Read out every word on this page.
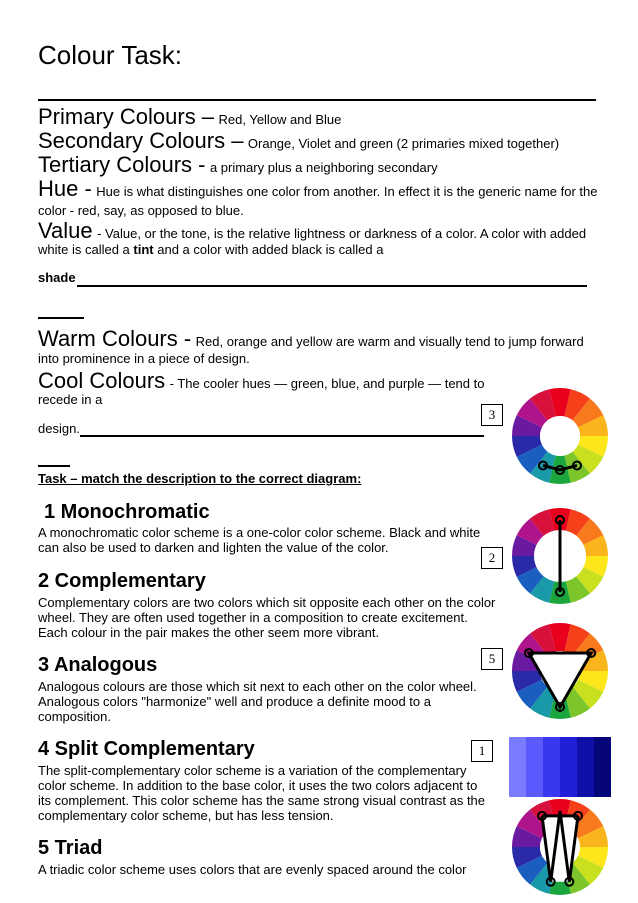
Colour Task:
Primary Colours – Red, Yellow and Blue
Secondary Colours – Orange, Violet and green (2 primaries mixed together)
Tertiary Colours - a primary plus a neighboring secondary
Hue - Hue is what distinguishes one color from another. In effect it is the generic name for the
color - red, say, as opposed to blue.
Value - Value, or the tone, is the relative lightness or darkness of a color. A color with added
white is called a tint and a color with added black is called a
shade
Warm Colours - Red, orange and yellow are warm and visually tend to jump forward
into prominence in a piece of design.
Cool Colours - The cooler hues — green, blue, and purple — tend to
recede in a
design.
Task – match the description to the correct diagram:
1 Monochromatic
A monochromatic color scheme is a one-color color scheme. Black and white can also be used to darken and lighten the value of the color.
2 Complementary
Complementary colors are two colors which sit opposite each other on the color wheel. They are often used together in a composition to create excitement. Each colour in the pair makes the other seem more vibrant.
3 Analogous
Analogous colours are those which sit next to each other on the color wheel. Analogous colors "harmonize" well and produce a definite mood to a composition.
4 Split Complementary
The split-complementary color scheme is a variation of the complementary color scheme. In addition to the base color, it uses the two colors adjacent to its complement. This color scheme has the same strong visual contrast as the complementary color scheme, but has less tension.
5 Triad
A triadic color scheme uses colors that are evenly spaced around the color
3
2
5
1
